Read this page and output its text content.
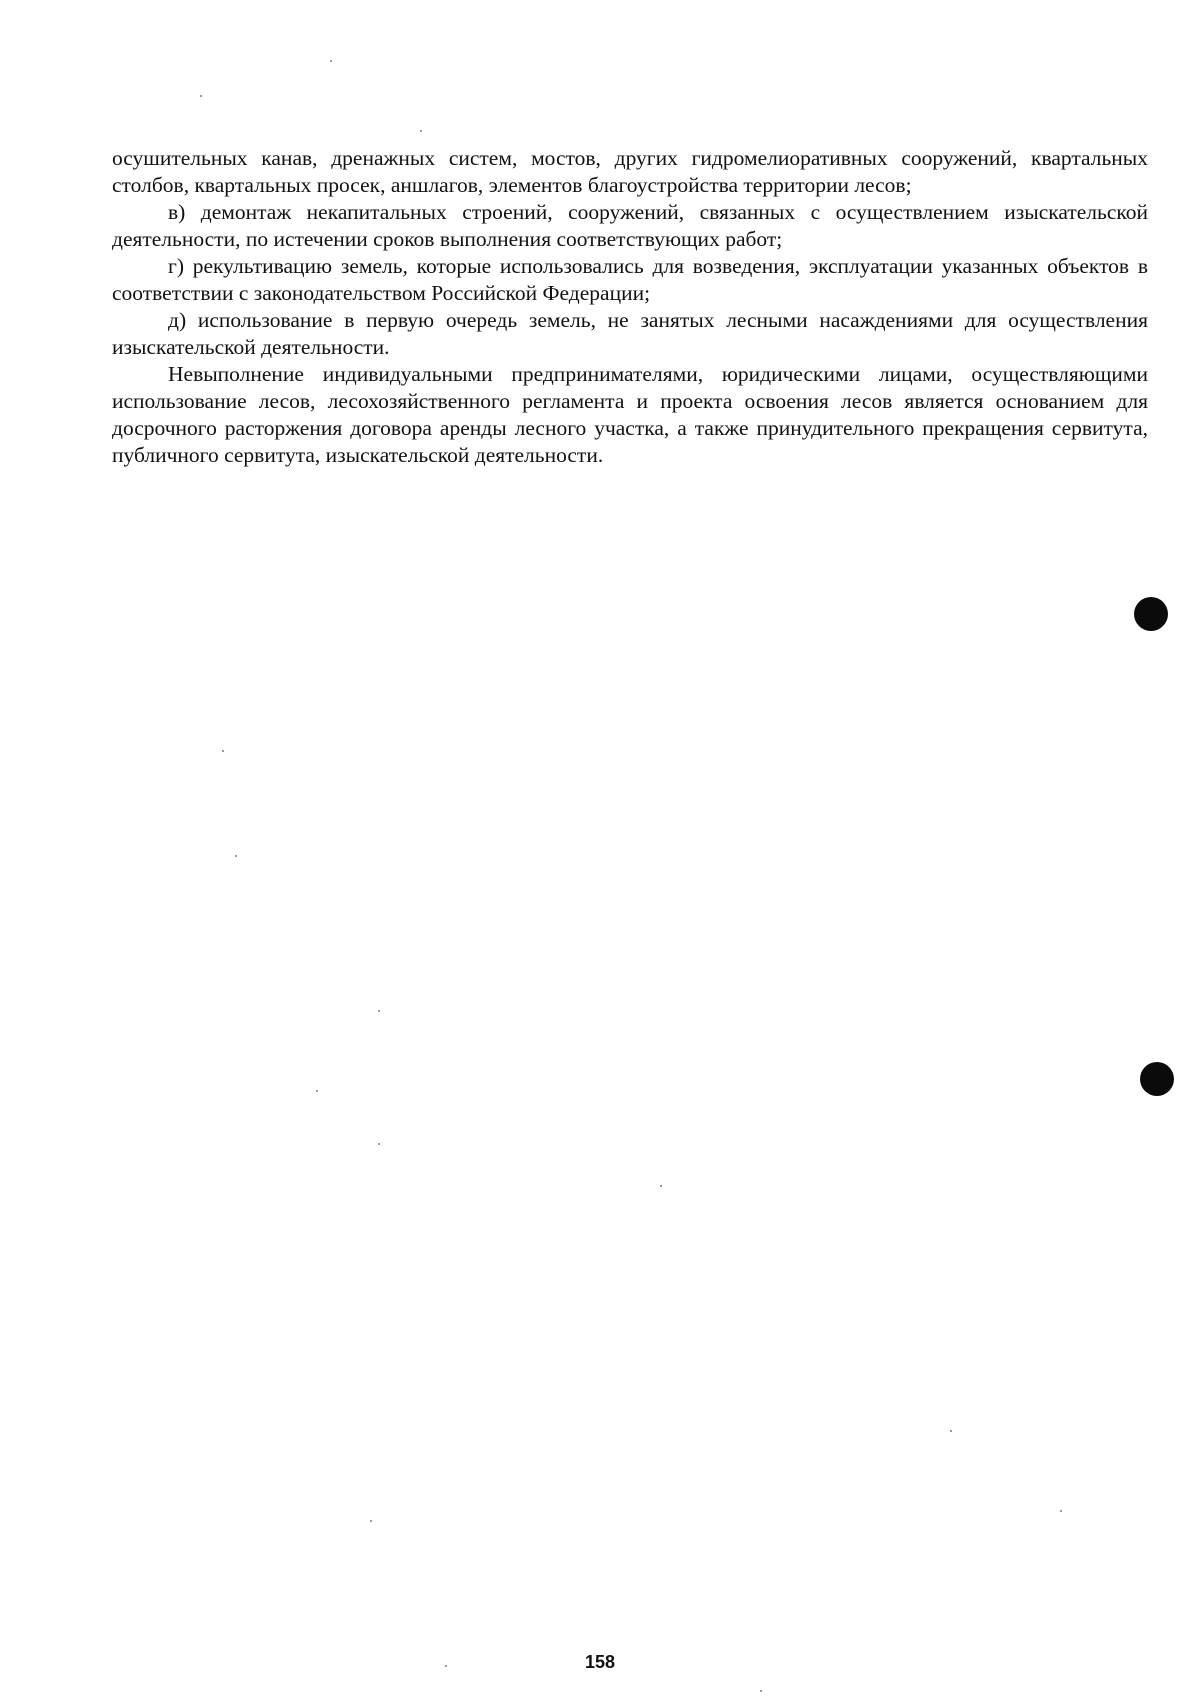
осушительных канав, дренажных систем, мостов, других гидромелиоративных сооружений, квартальных столбов, квартальных просек, аншлагов, элементов благоустройства территории лесов;

в) демонтаж некапитальных строений, сооружений, связанных с осуществлением изыскательской деятельности, по истечении сроков выполнения соответствующих работ;

г) рекультивацию земель, которые использовались для возведения, эксплуатации указанных объектов в соответствии с законодательством Российской Федерации;

д) использование в первую очередь земель, не занятых лесными насаждениями для осуществления изыскательской деятельности.

Невыполнение индивидуальными предпринимателями, юридическими лицами, осуществляющими использование лесов, лесохозяйственного регламента и проекта освоения лесов является основанием для досрочного расторжения договора аренды лесного участка, а также принудительного прекращения сервитута, публичного сервитута, изыскательской деятельности.

158
